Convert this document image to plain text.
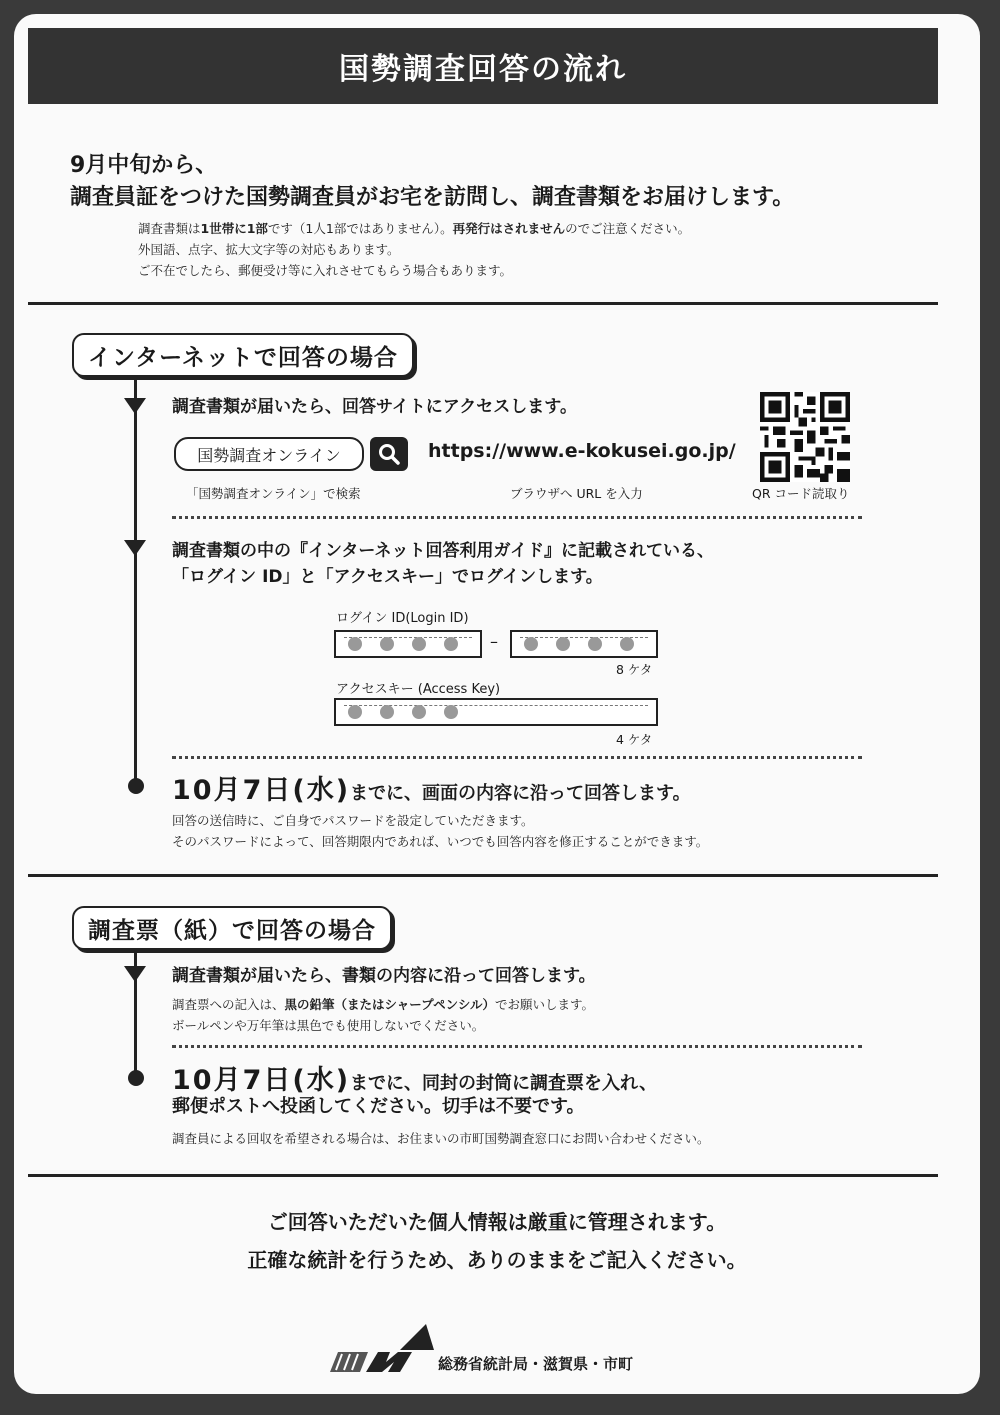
国勢調査回答の流れ
9月中旬から、
調査員証をつけた国勢調査員がお宅を訪問し、調査書類をお届けします。
調査書類は1世帯に1部です（1人1部ではありません）。再発行はされませんのでご注意ください。
外国語、点字、拡大文字等の対応もあります。
ご不在でしたら、郵便受け等に入れさせてもらう場合もあります。
インターネットで回答の場合
調査書類が届いたら、回答サイトにアクセスします。
国勢調査オンライン	https://www.e-kokusei.go.jp/
「国勢調査オンライン」で検索	ブラウザへ URL を入力	QR コード読取り
調査書類の中の『インターネット回答利用ガイド』に記載されている、
「ログイン ID」と「アクセスキー」でログインします。
ログイン ID(Login ID)
–
8 ケタ
アクセスキー (Access Key)
4 ケタ
10月7日(水)までに、画面の内容に沿って回答します。
回答の送信時に、ご自身でパスワードを設定していただきます。
そのパスワードによって、回答期限内であれば、いつでも回答内容を修正することができます。
調査票（紙）で回答の場合
調査書類が届いたら、書類の内容に沿って回答します。
調査票への記入は、黒の鉛筆（またはシャープペンシル）でお願いします。
ボールペンや万年筆は黒色でも使用しないでください。
10月7日(水)までに、同封の封筒に調査票を入れ、
郵便ポストへ投函してください。切手は不要です。
調査員による回収を希望される場合は、お住まいの市町国勢調査窓口にお問い合わせください。
ご回答いただいた個人情報は厳重に管理されます。
正確な統計を行うため、ありのままをご記入ください。
総務省統計局・滋賀県・市町
